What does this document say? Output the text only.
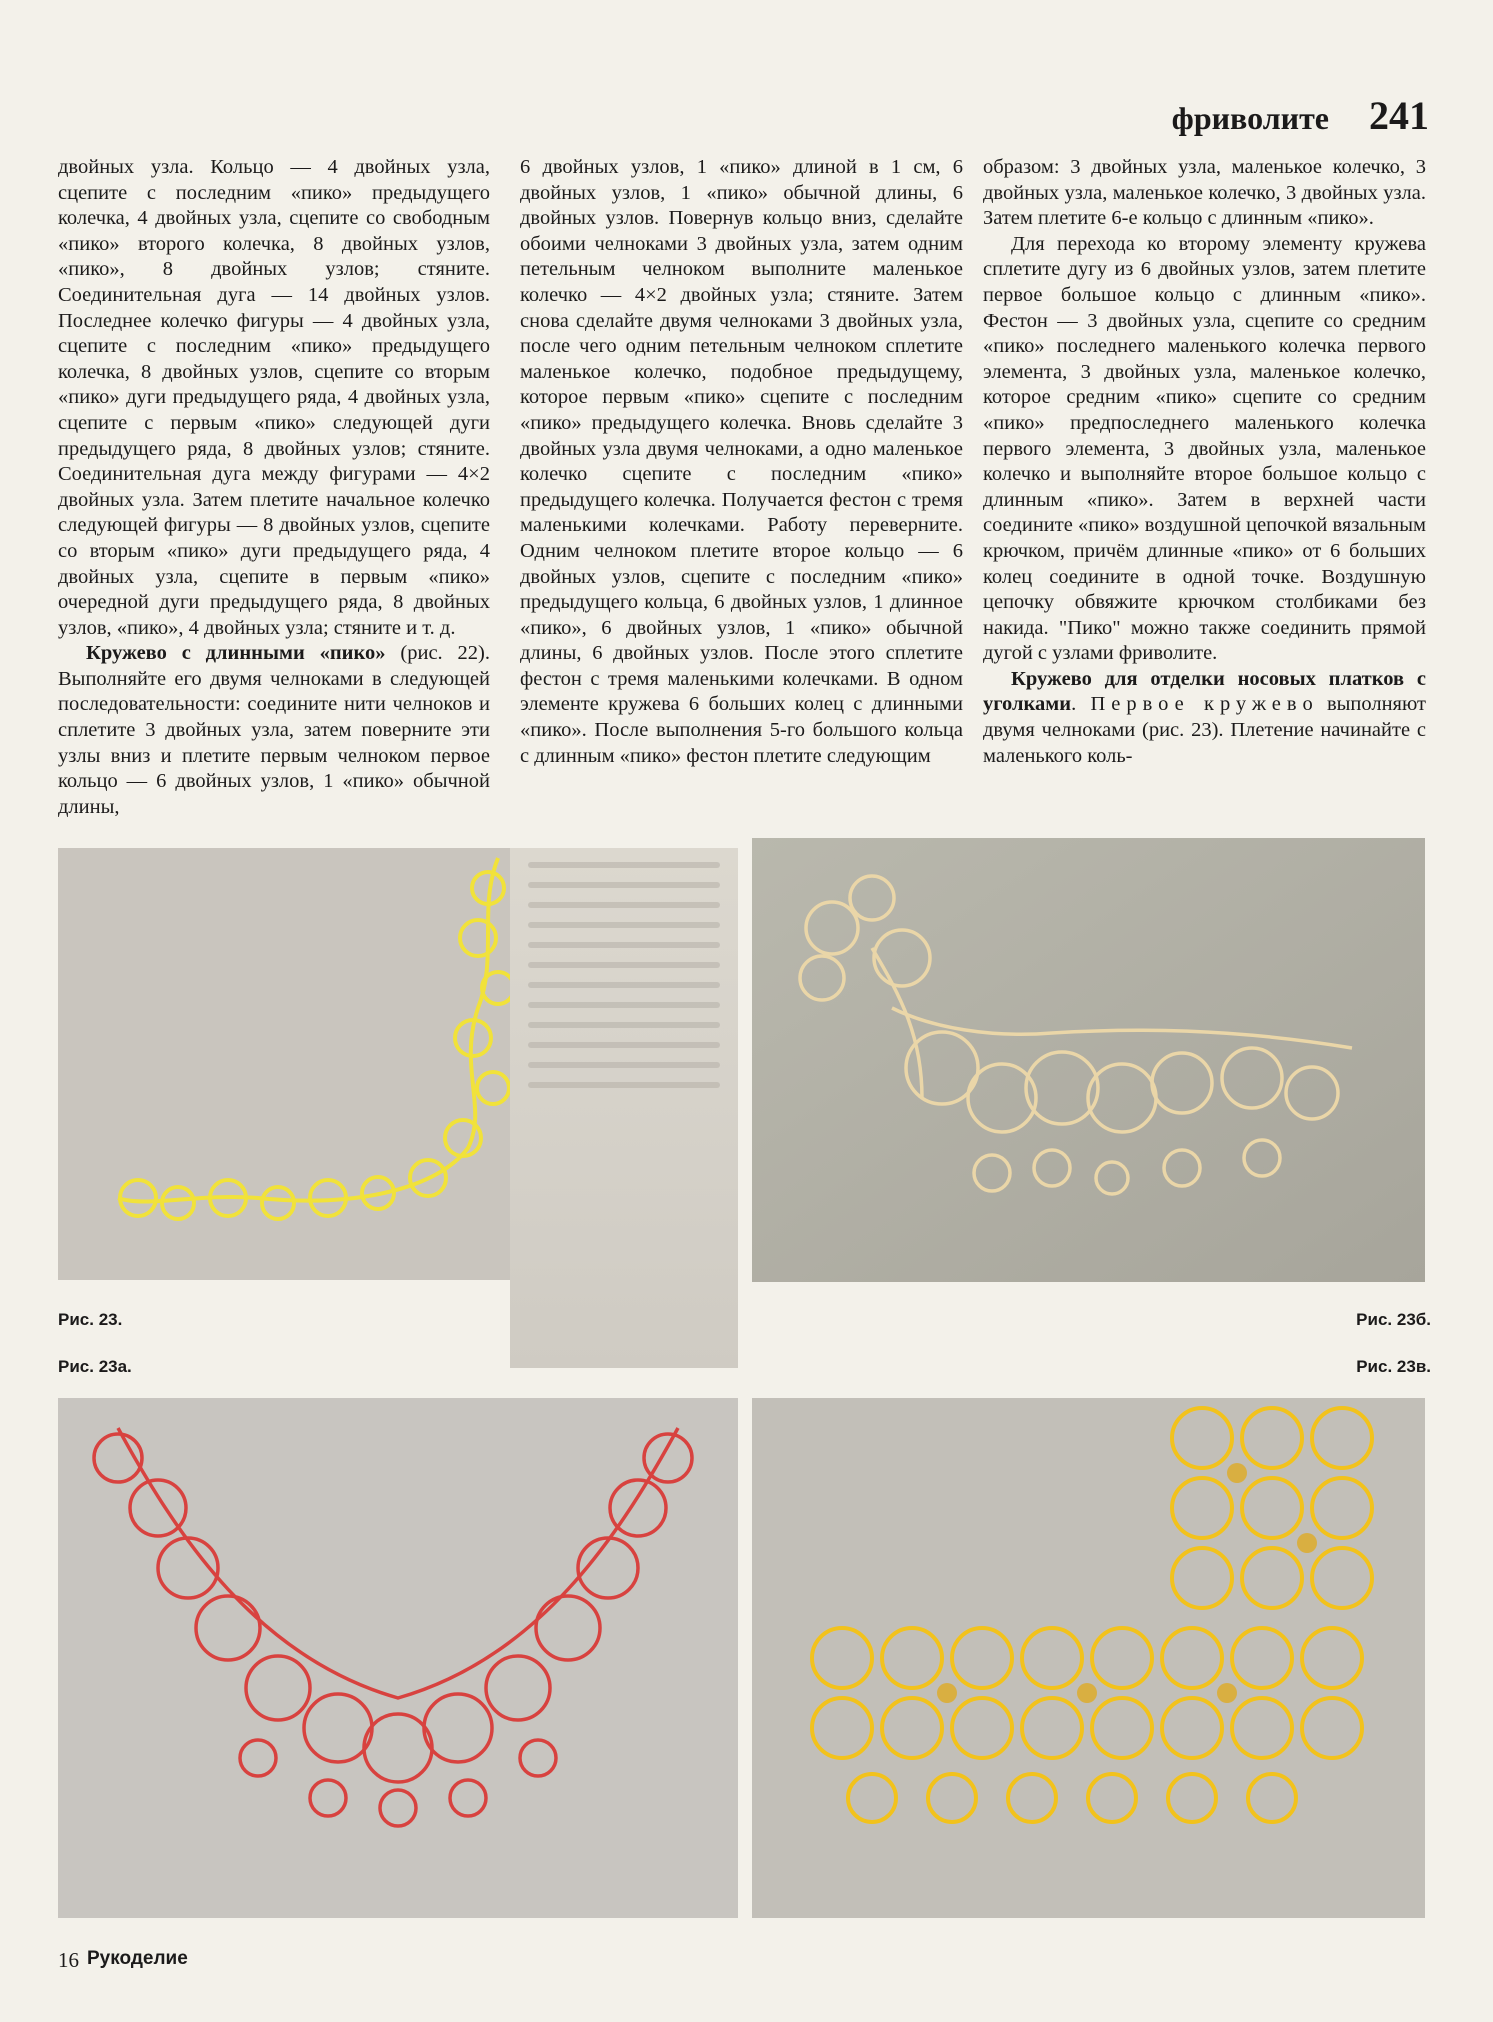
фриволите 241

двойных узла. Кольцо — 4 двойных узла, сцепите с последним «пико» предыдущего колечка, 4 двойных узла, сцепите со свободным «пико» второго колечка, 8 двойных узлов, «пико», 8 двойных узлов; стяните. Соединительная дуга — 14 двойных узлов. Последнее колечко фигуры — 4 двойных узла, сцепите с последним «пико» предыдущего колечка, 8 двойных узлов, сцепите со вторым «пико» дуги предыдущего ряда, 4 двойных узла, сцепите с первым «пико» следующей дуги предыдущего ряда, 8 двойных узлов; стяните. Соединительная дуга между фигурами — 4×2 двойных узла. Затем плетите начальное колечко следующей фигуры — 8 двойных узлов, сцепите со вторым «пико» дуги предыдущего ряда, 4 двойных узла, сцепите в первым «пико» очередной дуги предыдущего ряда, 8 двойных узлов, «пико», 4 двойных узла; стяните и т. д.

Кружево с длинными «пико» (рис. 22). Выполняйте его двумя челноками в следующей последовательности: соедините нити челноков и сплетите 3 двойных узла, затем поверните эти узлы вниз и плетите первым челноком первое кольцо — 6 двойных узлов, 1 «пико» обычной длины,

6 двойных узлов, 1 «пико» длиной в 1 см, 6 двойных узлов, 1 «пико» обычной длины, 6 двойных узлов. Повернув кольцо вниз, сделайте обоими челноками 3 двойных узла, затем одним петельным челноком выполните маленькое колечко — 4×2 двойных узла; стяните. Затем снова сделайте двумя челноками 3 двойных узла, после чего одним петельным челноком сплетите маленькое колечко, подобное предыдущему, которое первым «пико» сцепите с последним «пико» предыдущего колечка. Вновь сделайте 3 двойных узла двумя челноками, а одно маленькое колечко сцепите с последним «пико» предыдущего колечка. Получается фестон с тремя маленькими колечками. Работу переверните. Одним челноком плетите второе кольцо — 6 двойных узлов, сцепите с последним «пико» предыдущего кольца, 6 двойных узлов, 1 длинное «пико», 6 двойных узлов, 1 «пико» обычной длины, 6 двойных узлов. После этого сплетите фестон с тремя маленькими колечками. В одном элементе кружева 6 больших колец с длинными «пико». После выполнения 5-го большого кольца с длинным «пико» фестон плетите следующим

образом: 3 двойных узла, маленькое колечко, 3 двойных узла, маленькое колечко, 3 двойных узла. Затем плетите 6-е кольцо с длинным «пико».

Для перехода ко второму элементу кружева сплетите дугу из 6 двойных узлов, затем плетите первое большое кольцо с длинным «пико». Фестон — 3 двойных узла, сцепите со средним «пико» последнего маленького колечка первого элемента, 3 двойных узла, маленькое колечко, которое средним «пико» сцепите со средним «пико» предпоследнего маленького колечка первого элемента, 3 двойных узла, маленькое колечко и выполняйте второе большое кольцо с длинным «пико». Затем в верхней части соедините «пико» воздушной цепочкой вязальным крючком, причём длинные «пико» от 6 больших колец соедините в одной точке. Воздушную цепочку обвяжите крючком столбиками без накида. "Пико" можно также соединить прямой дугой с узлами фриволите.

Кружево для отделки носовых платков с уголками. Первое кружево выполняют двумя челноками (рис. 23). Плетение начинайте с маленького коль-

Рис. 23.
Рис. 23а.
Рис. 23б.
Рис. 23в.
16 Рукоделие
